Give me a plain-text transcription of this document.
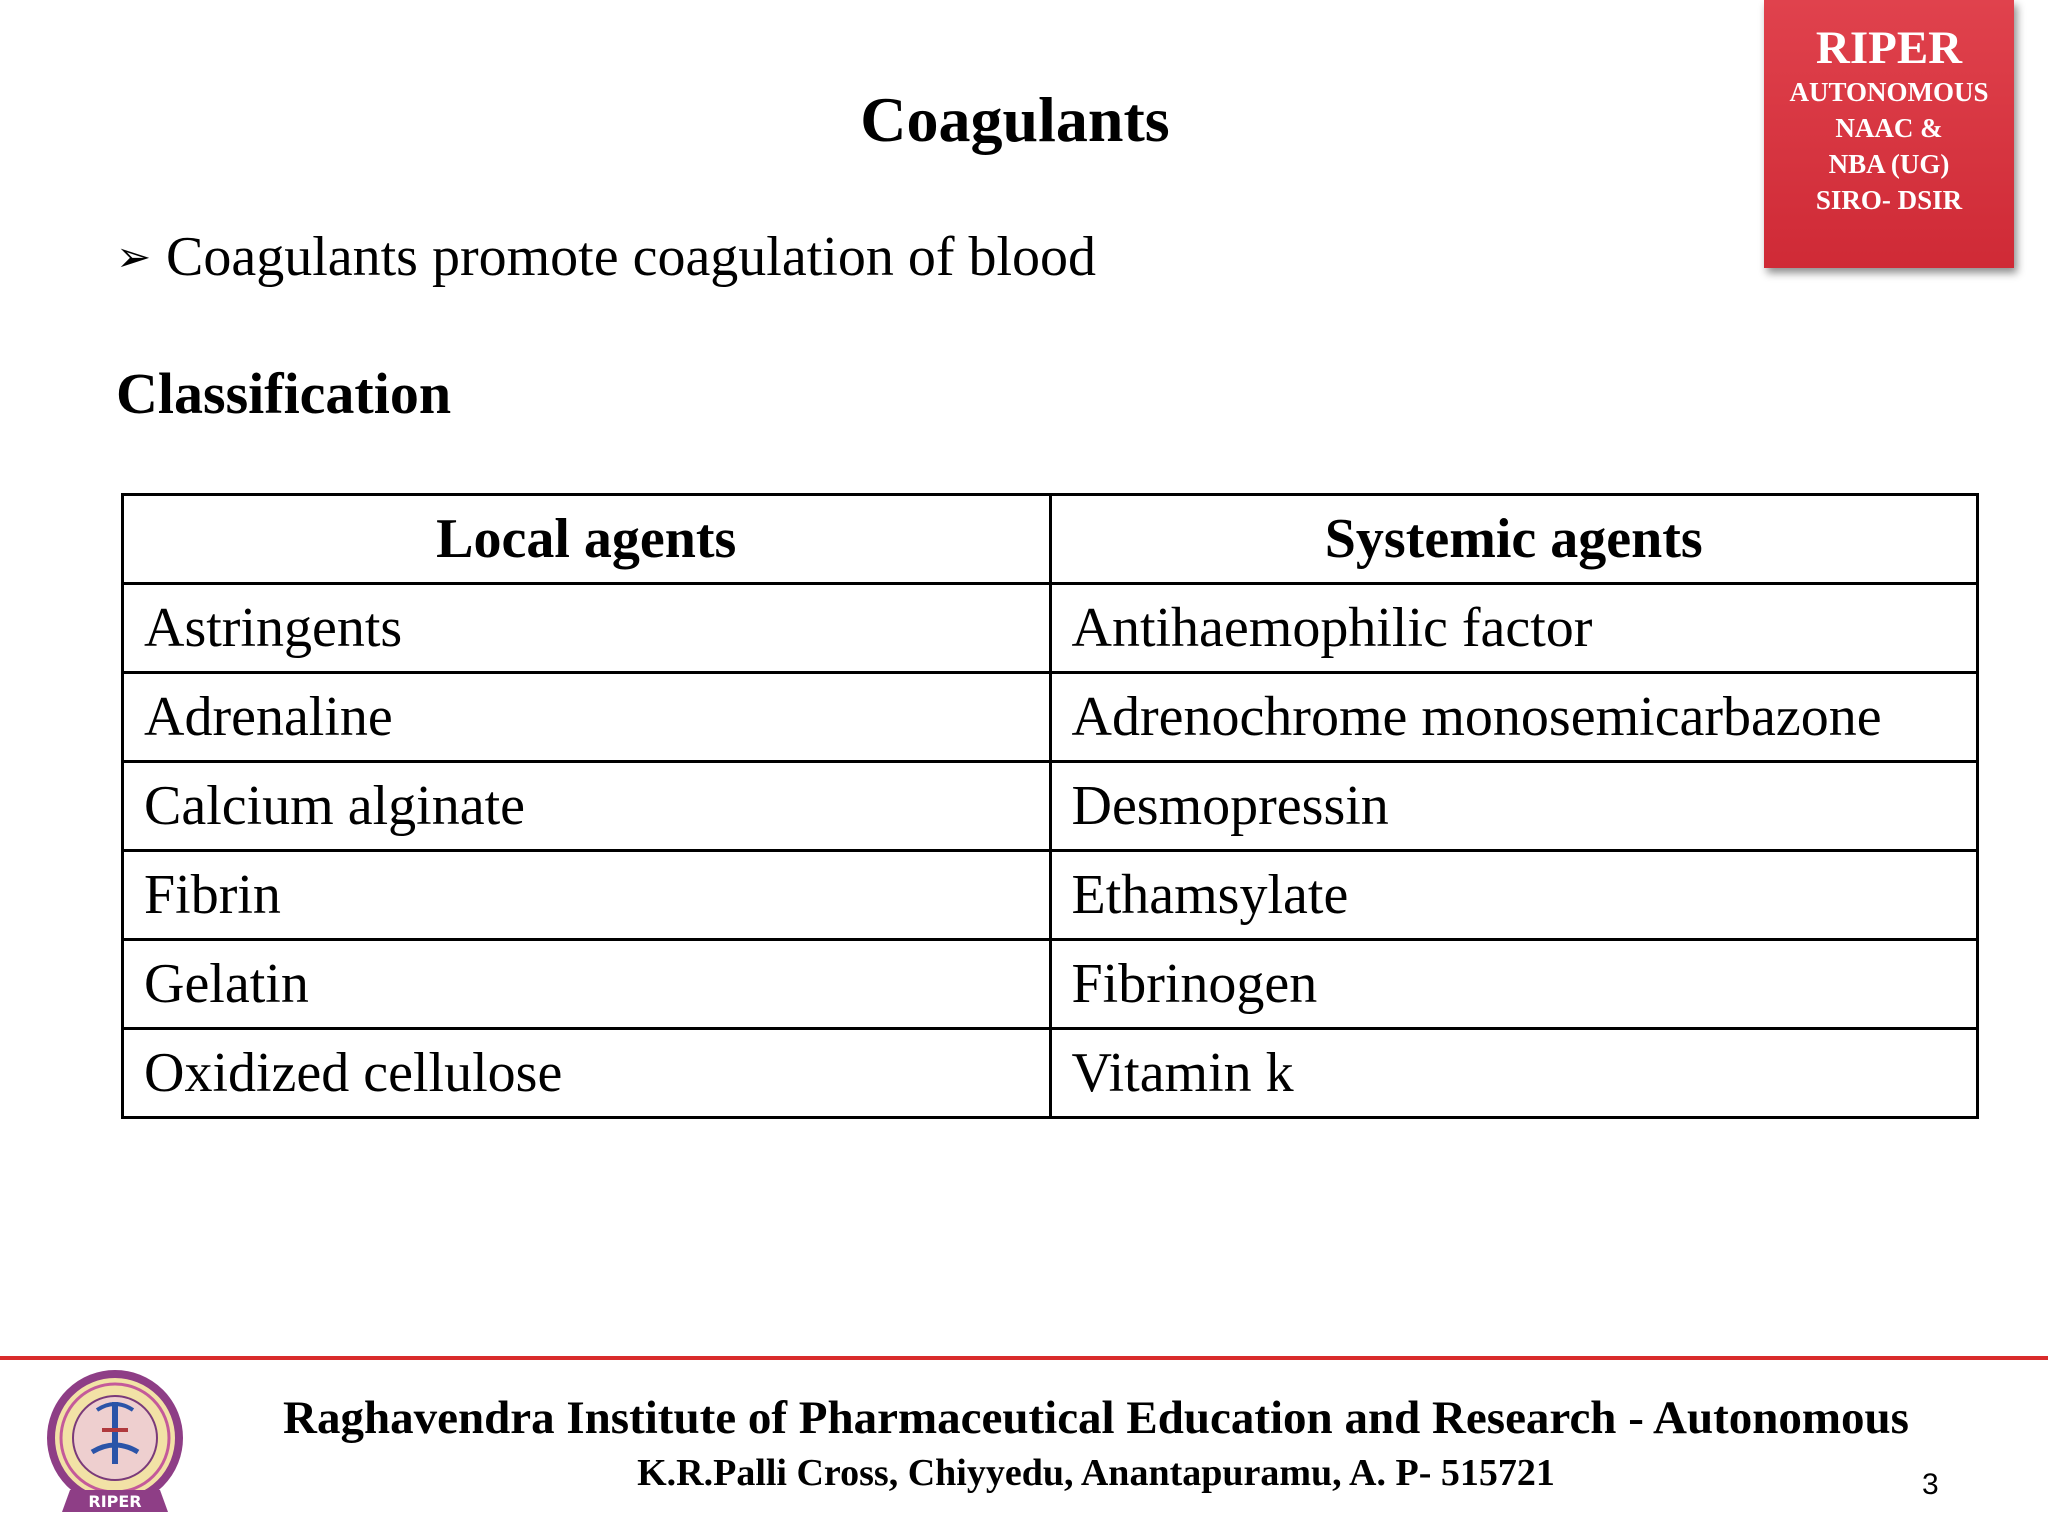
RIPER
AUTONOMOUS
NAAC &
NBA (UG)
SIRO- DSIR
Coagulants
➢ Coagulants promote coagulation of blood
Classification
Local agents	Systemic agents
Astringents	Antihaemophilic factor
Adrenaline	Adrenochrome monosemicarbazone
Calcium alginate	Desmopressin
Fibrin	Ethamsylate
Gelatin	Fibrinogen
Oxidized cellulose	Vitamin k
RIPER
Raghavendra Institute of Pharmaceutical Education and Research - Autonomous
K.R.Palli Cross, Chiyyedu, Anantapuramu, A. P- 515721	3
